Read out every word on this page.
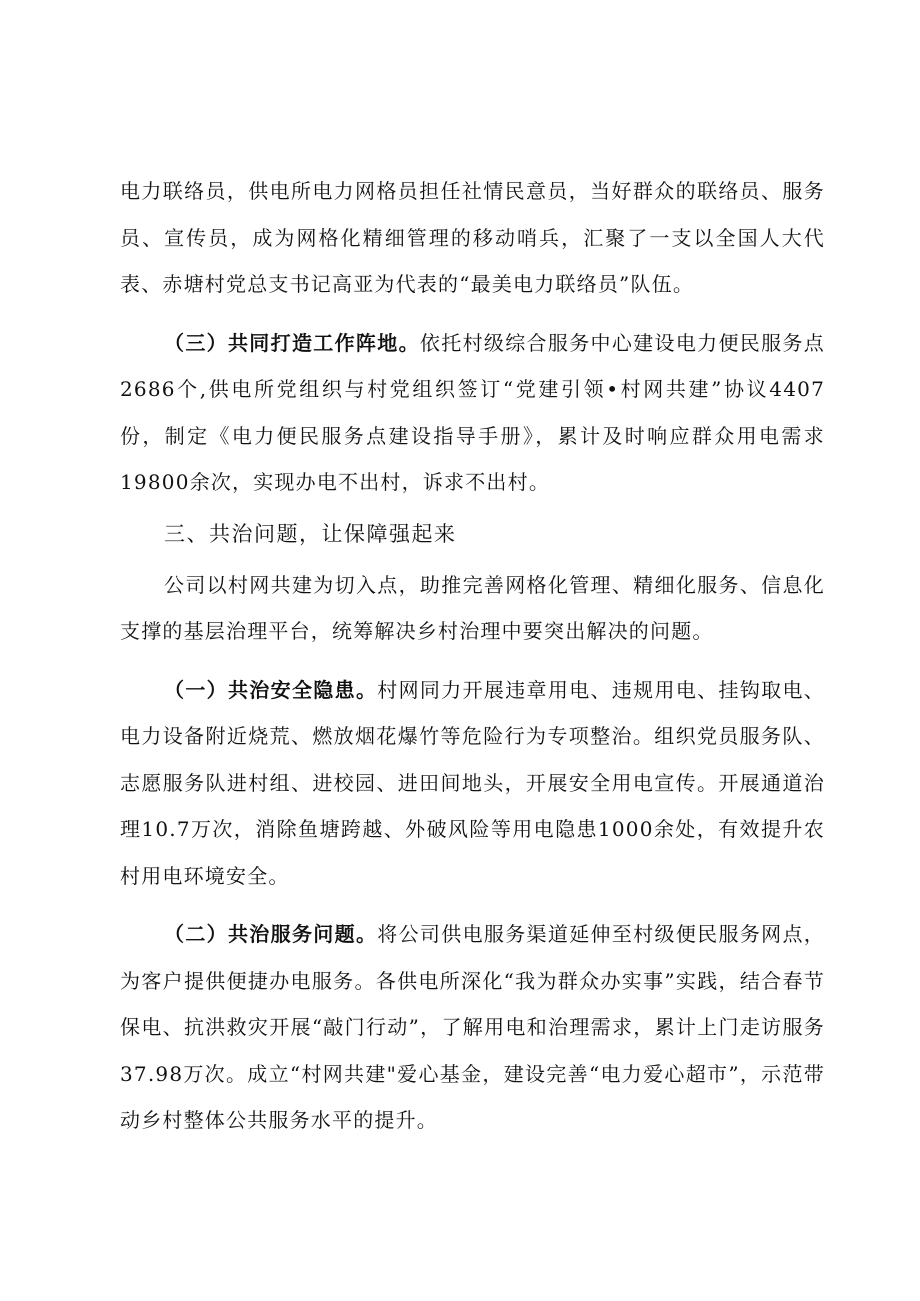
电力联络员，供电所电力网格员担任社情民意员，当好群众的联络员、服务员、宣传员，成为网格化精细管理的移动哨兵，汇聚了一支以全国人大代表、赤塘村党总支书记高亚为代表的“最美电力联络员”队伍。

（三）共同打造工作阵地。依托村级综合服务中心建设电力便民服务点2686个,供电所党组织与村党组织签订“党建引领•村网共建”协议4407份，制定《电力便民服务点建设指导手册》，累计及时响应群众用电需求19800余次，实现办电不出村，诉求不出村。

三、共治问题，让保障强起来

公司以村网共建为切入点，助推完善网格化管理、精细化服务、信息化支撑的基层治理平台，统筹解决乡村治理中要突出解决的问题。

（一）共治安全隐患。村网同力开展违章用电、违规用电、挂钩取电、电力设备附近烧荒、燃放烟花爆竹等危险行为专项整治。组织党员服务队、志愿服务队进村组、进校园、进田间地头，开展安全用电宣传。开展通道治理10.7万次，消除鱼塘跨越、外破风险等用电隐患1000余处，有效提升农村用电环境安全。

（二）共治服务问题。将公司供电服务渠道延伸至村级便民服务网点，为客户提供便捷办电服务。各供电所深化“我为群众办实事”实践，结合春节保电、抗洪救灾开展“敲门行动”，了解用电和治理需求，累计上门走访服务37.98万次。成立“村网共建"爱心基金，建设完善“电力爱心超市”，示范带动乡村整体公共服务水平的提升。
